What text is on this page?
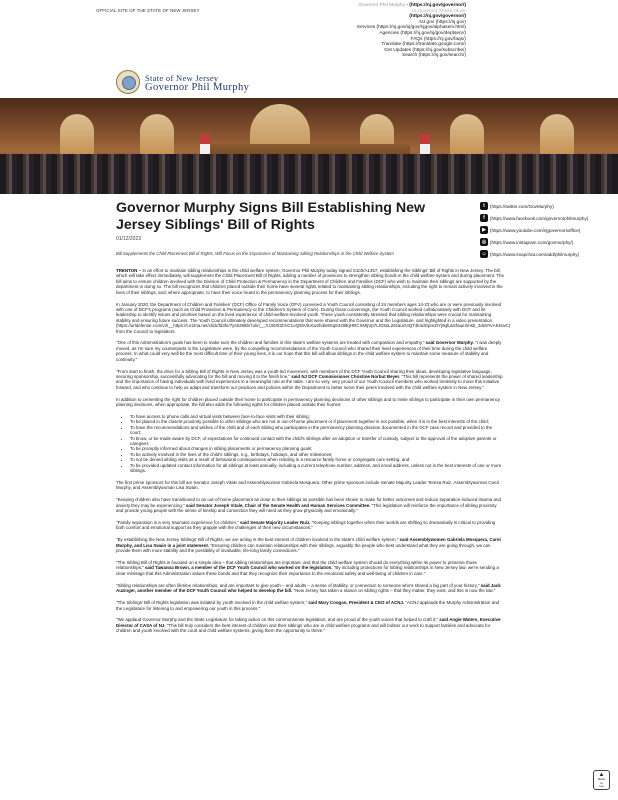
OFFICIAL SITE OF THE STATE OF NEW JERSEY
Governor Phil Murphy - (https://nj.gov/governor/)
Lt.Governor Sheila Oliver
(https://nj.gov/governor/)
NJ.gov (https://nj.gov)
Services (https://nj.gov/nj/gov/njgov/alphaserv.html)
Agencies (https://nj.gov/nj/gov/deptserv/)
FAQs (https://nj.gov/faqs/)
Translate (https://translate.google.com/)
Get Updates (https://nj.gov/subscribe/)
Search (https://nj.gov/search/)
State of New Jersey
Governor Phil Murphy
Governor Murphy Signs Bill Establishing New Jersey Siblings' Bill of Rights
01/12/2023
Bill Supplements the Child Placement Bill of Rights, Will Focus on the Importance of Maintaining Sibling Relationships in the Child Welfare System
t	(https://twitter.com/GovMurphy)
f	(https://www.facebook.com/governorphilmurphy)
▶ (https://www.youtube.com/njgovernorsoffice)
◎ (https://www.instagram.com/govmurphy/)
☺ (https://www.snapchat.com/add/philmurphy)

TRENTON – In an effort to maintain sibling relationships in the child welfare system, Governor Phil Murphy today signed S103/A1357, establishing the Siblings' Bill of Rights in New Jersey. The bill, which will take effect immediately, will supplement the Child Placement Bill of Rights, adding a number of provisions to strengthen sibling bonds in the child welfare system and during placement. The bill aims to ensure children involved with the Division of Child Protection & Permanency in the Department of Children and Families (DCF) who wish to maintain their siblings are supported by the department in doing so. The bill recognizes that children placed outside their home have several rights related to maintaining sibling relationships, including the right to remain actively involved in the lives of their siblings, and, where appropriate, to have their voice heard in the permanency planning process for their siblings.

In January 2020, the Department of Children and Families' (DCF) Office of Family Voice (OFV) convened a Youth Council consisting of 24 members ages 14-23 who are or were previously involved with one of DCF's programs (such as Child Protection & Permanency or the Children's System of Care). During those convenings, the Youth Council worked collaboratively with DCF and its leadership to identify issues and priorities based on the lived experience of child-welfare-involved youth. These youth consistently stressed that sibling relationships were crucial for maintaining stability and ensuring future success. The Youth Council ultimately developed recommendations that were shared with the Governor and the Legislature, and highlighted in a video presentation
(https://urldefense.com/v3/__https://t.e2ma.net/click/fd3fe/7ys5298b/7ulirl__;!!J30X0ZrnC1oQ!tbVlLKw2hdsI8Sq53J8lEjHRCXMtjVp7LIG5nL26zauO4QT4k4dGpmZIYj9qfuxSfaue3msb_3dn9YvAKkrwC)
from the Council to legislators.

"One of this Administration's goals has been to make sure the children and families in this state's welfare systems are treated with compassion and empathy," said Governor Murphy. "I was deeply moved, as I'm sure my counterparts in the Legislature were, by the compelling recommendations of the Youth Council who shared their lived experiences of their time during the child welfare process. In what could very well be the most difficult time of their young lives, it is our hope that this bill will allow siblings in the child welfare system to maintain some measure of stability and continuity."

"From start to finish, the drive for a Sibling Bill of Rights in New Jersey was a youth-led movement, with members of the DCF Youth Council sharing their ideas, developing legislative language, securing sponsorship, successfully advocating for the bill and moving it to the finish line," said NJ DCF Commissioner Christine Norbut Beyer. "This bill represents the power of shared leadership and the importance of having individuals with lived experiences in a meaningful role at the table. I am so very, very proud of our Youth Council members who worked tirelessly to move this initiative forward, and who continue to help us adapt and transform our practices and policies within the Department to better serve their peers involved with the child welfare system in New Jersey."

In addition to cementing the right for children placed outside their home to participate in permanency planning decisions of other siblings and to invite siblings to participate in their own permanency planning decisions, when appropriate, the bill also adds the following rights for children placed outside their homes:

• To have access to phone calls and virtual visits between face-to-face visits with their sibling;
• To be placed in the closest proximity possible to other siblings who are not in out-of-home placement or if placement together is not possible, when it is in the best interests of the child;
• To have the recommendations and wishes of the child and of each sibling who participates in the permanency planning decision documented in the DCF case record and provided to the court;
• To know, or be made aware by DCF, of expectations for continued contact with the child's siblings after an adoption or transfer of custody, subject to the approval of the adoptive parents or caregiver;
• To be promptly informed about changes in sibling placements or permanency planning goals;
• To be actively involved in the lives of the child's siblings, e.g., birthdays, holidays, and other milestones;
• To not be denied sibling visits as a result of behavioral consequences when residing in a resource family home or congregate care setting; and
• To be provided updated contact information for all siblings at least annually, including a current telephone number, address, and email address, unless not in the best interests of one or more siblings.

The first prime sponsors for this bill are Senator Joseph Vitale and Assemblywoman Gabriela Mosquera. Other prime sponsors include Senate Majority Leader Teresa Ruiz, Assemblywoman Carol Murphy, and Assemblywoman Lisa Swain.

"Keeping children who have transitioned to an out-of-home placement as close to their siblings as possible has been shown to make for better outcomes and reduce separation-induced trauma and anxiety they may be experiencing," said Senator Joseph Vitale, Chair of the Senate Health and Human Services Committee. "This legislation will reinforce the importance of sibling proximity and provide young people with the sense of kinship and connection they will need as they grow physically and emotionally."

"Family separation is a very traumatic experience for children," said Senate Majority Leader Ruiz. "Keeping siblings together when their worlds are shifting so dramatically is critical to providing both comfort and emotional support as they grapple with the challenges of their new circumstances."

"By establishing the New Jersey Siblings' Bill of Rights, we are acting in the best interest of children involved in the state's child welfare system," said Assemblywomen Gabriela Mosquera, Carol Murphy, and Lisa Swain in a joint statement. "Ensuring children can maintain relationships with their siblings, arguably the people who best understand what they are going through, we can provide them with more stability and the possibility of invaluable, life-long family connections."

"The Sibling Bill of Rights is founded on a simple idea – that sibling relationships are important, and that the child welfare system should do everything within its power to preserve those relationships," said Tawanna Brown, a member of the DCF Youth Council who worked on the legislation. "By including protections for sibling relationships in New Jersey law, we're sending a clear message that this Administration values these bonds and that they recognize their importance to the emotional safety and well-being of children in care."

"Sibling relationships are often lifetime relationships, and are important to give youth – and adults – a sense of stability, or connection to someone who's shared a big part of your history," said Jack Auzinger, another member of the DCF Youth Council who helped to develop the bill. "New Jersey has taken a stance on sibling rights – that they matter, they exist, and this is now the law."

"The Siblings' Bill of Rights legislation was initiated by youth involved in the child welfare system," said Mary Coogan, President & CEO of ACNJ. "ACNJ applauds the Murphy Administration and the Legislature for listening to and empowering our youth in this process."

"We applaud Governor Murphy and the State Legislature for taking action on this commonsense legislation, and are proud of the youth voices that helped to craft it," said Angie Waters, Executive Director of CASA of NJ. "This bill truly considers the best interest of children and their siblings who are in child welfare programs and will bolster our work to support families and advocate for children and youth involved with the court and child welfare systems, giving them the opportunity to thrive."

▲
Back
to
top
